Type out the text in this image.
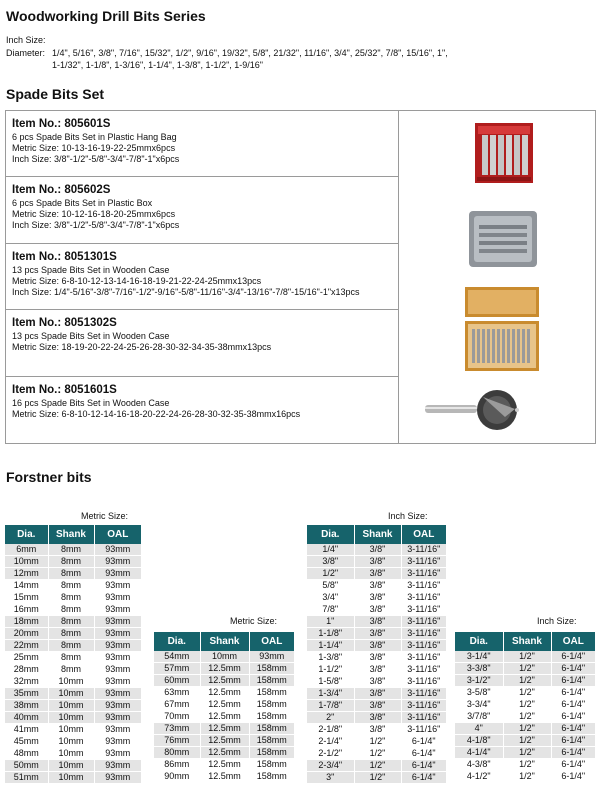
Woodworking Drill Bits Series
Inch Size:
Diameter: 1/4", 5/16", 3/8", 7/16", 15/32", 1/2", 9/16", 19/32", 5/8", 21/32", 11/16", 3/4", 25/32", 7/8", 15/16", 1",
1-1/32", 1-1/8", 1-3/16", 1-1/4", 1-3/8", 1-1/2", 1-9/16"
Spade Bits Set
Item No.: 805601S
6 pcs Spade Bits Set in Plastic Hang Bag
Metric Size: 10-13-16-19-22-25mmx6pcs
Inch Size: 3/8"-1/2"-5/8"-3/4"-7/8"-1"x6pcs
Item No.: 805602S
6 pcs Spade Bits Set in Plastic Box
Metric Size: 10-12-16-18-20-25mmx6pcs
Inch Size: 3/8"-1/2"-5/8"-3/4"-7/8"-1"x6pcs
Item No.: 8051301S
13 pcs Spade Bits Set in Wooden Case
Metric Size: 6-8-10-12-13-14-16-18-19-21-22-24-25mmx13pcs
Inch Size: 1/4"-5/16"-3/8"-7/16"-1/2"-9/16"-5/8"-11/16"-3/4"-13/16"-7/8"-15/16"-1"x13pcs
Item No.: 8051302S
13 pcs Spade Bits Set in Wooden Case
Metric Size: 18-19-20-22-24-25-26-28-30-32-34-35-38mmx13pcs
Item No.: 8051601S
16 pcs Spade Bits Set in Wooden Case
Metric Size: 6-8-10-12-14-16-18-20-22-24-26-28-30-32-35-38mmx16pcs
Forstner bits
Metric Size:
Metric Size:
Inch Size:
Inch Size:
Dia.	Shank	OAL
6mm	8mm	93mm
10mm	8mm	93mm
12mm	8mm	93mm
14mm	8mm	93mm
15mm	8mm	93mm
16mm	8mm	93mm
18mm	8mm	93mm
20mm	8mm	93mm
22mm	8mm	93mm
25mm	8mm	93mm
28mm	8mm	93mm
32mm	10mm	93mm
35mm	10mm	93mm
38mm	10mm	93mm
40mm	10mm	93mm
41mm	10mm	93mm
45mm	10mm	93mm
48mm	10mm	93mm
50mm	10mm	93mm
51mm	10mm	93mm
Dia.	Shank	OAL
54mm	10mm	93mm
57mm	12.5mm	158mm
60mm	12.5mm	158mm
63mm	12.5mm	158mm
67mm	12.5mm	158mm
70mm	12.5mm	158mm
73mm	12.5mm	158mm
76mm	12.5mm	158mm
80mm	12.5mm	158mm
86mm	12.5mm	158mm
90mm	12.5mm	158mm
Dia.	Shank	OAL
1/4"	3/8"	3-11/16"
3/8"	3/8"	3-11/16"
1/2"	3/8"	3-11/16"
5/8"	3/8"	3-11/16"
3/4"	3/8"	3-11/16"
7/8"	3/8"	3-11/16"
1"	3/8"	3-11/16"
1-1/8"	3/8"	3-11/16"
1-1/4"	3/8"	3-11/16"
1-3/8"	3/8"	3-11/16"
1-1/2"	3/8"	3-11/16"
1-5/8"	3/8"	3-11/16"
1-3/4"	3/8"	3-11/16"
1-7/8"	3/8"	3-11/16"
2"	3/8"	3-11/16"
2-1/8"	3/8"	3-11/16"
2-1/4"	1/2"	6-1/4"
2-1/2"	1/2"	6-1/4"
2-3/4"	1/2"	6-1/4"
3"	1/2"	6-1/4"
Dia.	Shank	OAL
3-1/4"	1/2"	6-1/4"
3-3/8"	1/2"	6-1/4"
3-1/2"	1/2"	6-1/4"
3-5/8"	1/2"	6-1/4"
3-3/4"	1/2"	6-1/4"
3/7/8"	1/2"	6-1/4"
4"	1/2"	6-1/4"
4-1/8"	1/2"	6-1/4"
4-1/4"	1/2"	6-1/4"
4-3/8"	1/2"	6-1/4"
4-1/2"	1/2"	6-1/4"
